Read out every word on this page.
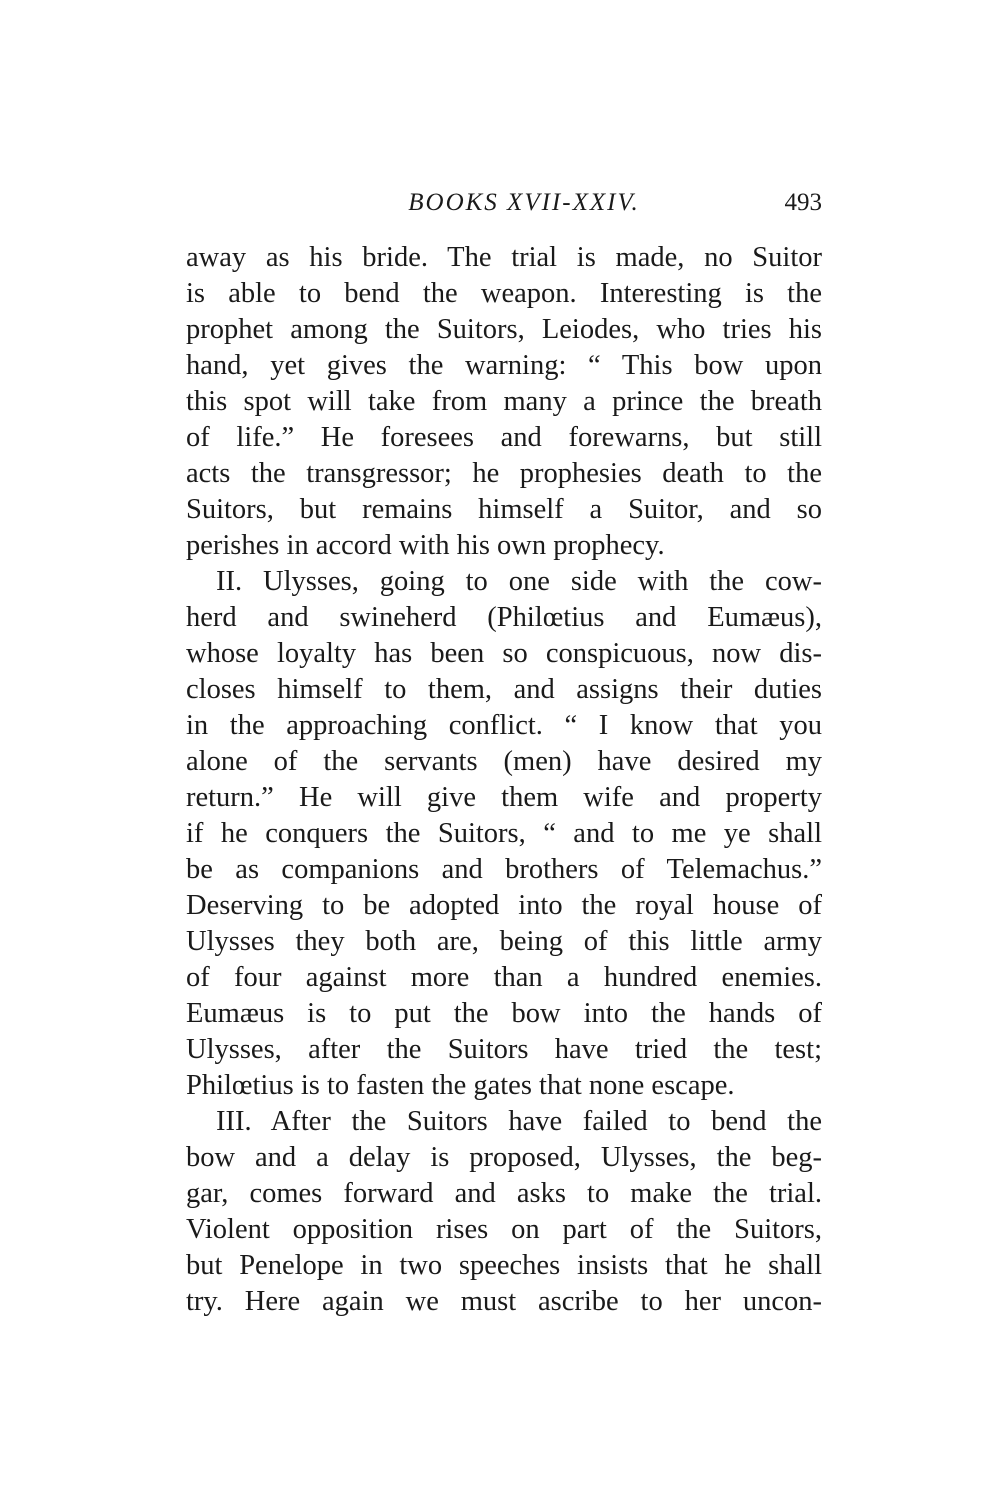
BOOKS XVII-XXIV.	493
away as his bride. The trial is made, no Suitor
is able to bend the weapon. Interesting is the
prophet among the Suitors, Leiodes, who tries his
hand, yet gives the warning: “ This bow upon
this spot will take from many a prince the breath
of life.” He foresees and forewarns, but still
acts the transgressor; he prophesies death to the
Suitors, but remains himself a Suitor, and so
perishes in accord with his own prophecy.
II. Ulysses, going to one side with the cow-
herd and swineherd (Philœtius and Eumæus),
whose loyalty has been so conspicuous, now dis-
closes himself to them, and assigns their duties
in the approaching conflict. “ I know that you
alone of the servants (men) have desired my
return.” He will give them wife and property
if he conquers the Suitors, “ and to me ye shall
be as companions and brothers of Telemachus.”
Deserving to be adopted into the royal house of
Ulysses they both are, being of this little army
of four against more than a hundred enemies.
Eumæus is to put the bow into the hands of
Ulysses, after the Suitors have tried the test;
Philœtius is to fasten the gates that none escape.
III. After the Suitors have failed to bend the
bow and a delay is proposed, Ulysses, the beg-
gar, comes forward and asks to make the trial.
Violent opposition rises on part of the Suitors,
but Penelope in two speeches insists that he shall
try. Here again we must ascribe to her uncon-
